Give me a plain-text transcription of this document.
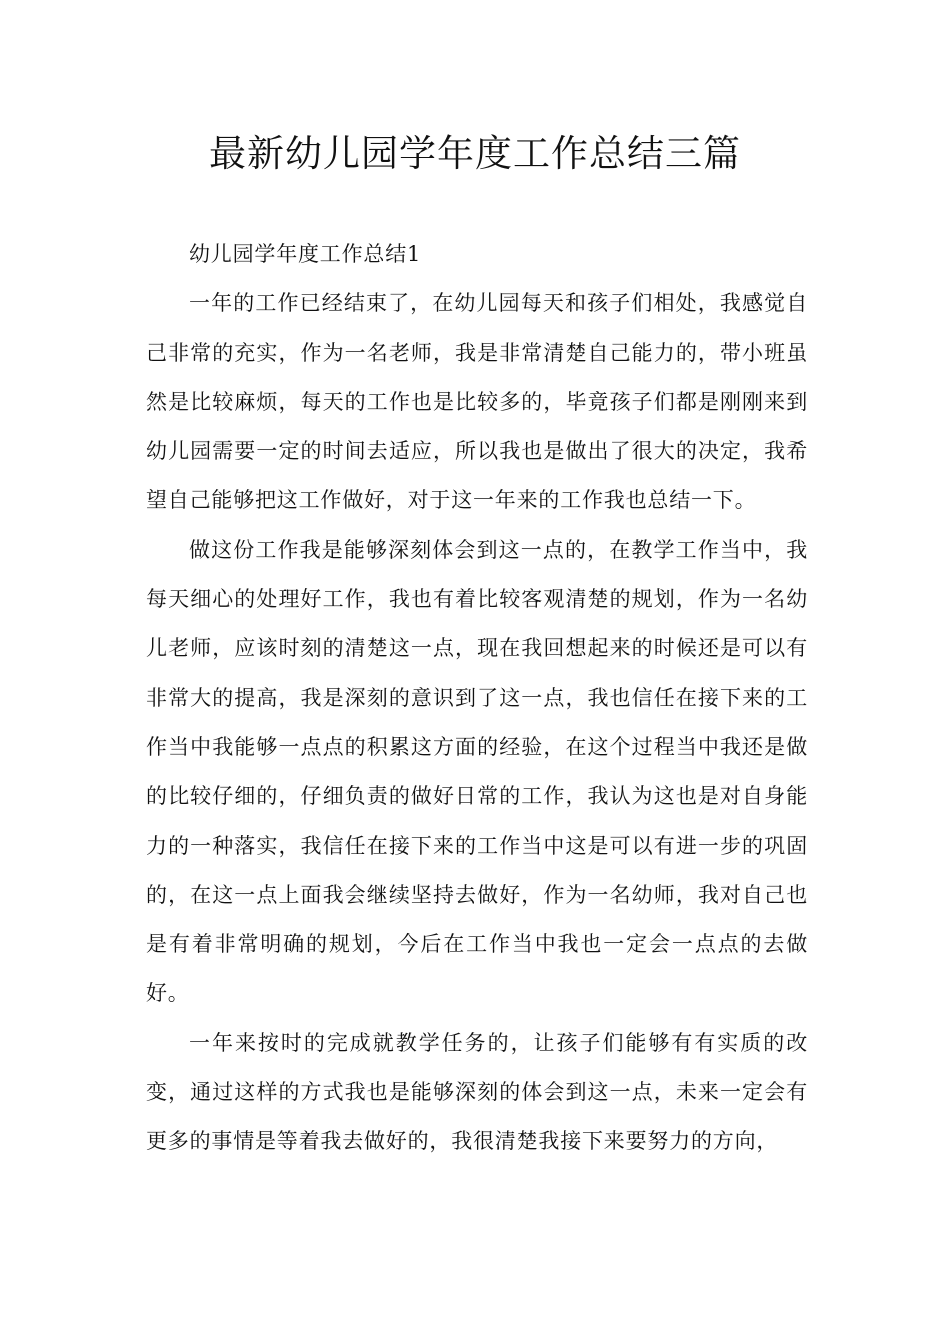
最新幼儿园学年度工作总结三篇
幼儿园学年度工作总结1

一年的工作已经结束了，在幼儿园每天和孩子们相处，我感觉自己非常的充实，作为一名老师，我是非常清楚自己能力的，带小班虽然是比较麻烦，每天的工作也是比较多的，毕竟孩子们都是刚刚来到幼儿园需要一定的时间去适应，所以我也是做出了很大的决定，我希望自己能够把这工作做好，对于这一年来的工作我也总结一下。

做这份工作我是能够深刻体会到这一点的，在教学工作当中，我每天细心的处理好工作，我也有着比较客观清楚的规划，作为一名幼儿老师，应该时刻的清楚这一点，现在我回想起来的时候还是可以有非常大的提高，我是深刻的意识到了这一点，我也信任在接下来的工作当中我能够一点点的积累这方面的经验，在这个过程当中我还是做的比较仔细的，仔细负责的做好日常的工作，我认为这也是对自身能力的一种落实，我信任在接下来的工作当中这是可以有进一步的巩固的，在这一点上面我会继续坚持去做好，作为一名幼师，我对自己也是有着非常明确的规划，今后在工作当中我也一定会一点点的去做好。

一年来按时的完成就教学任务的，让孩子们能够有有实质的改变，通过这样的方式我也是能够深刻的体会到这一点，未来一定会有更多的事情是等着我去做好的，我很清楚我接下来要努力的方向，
